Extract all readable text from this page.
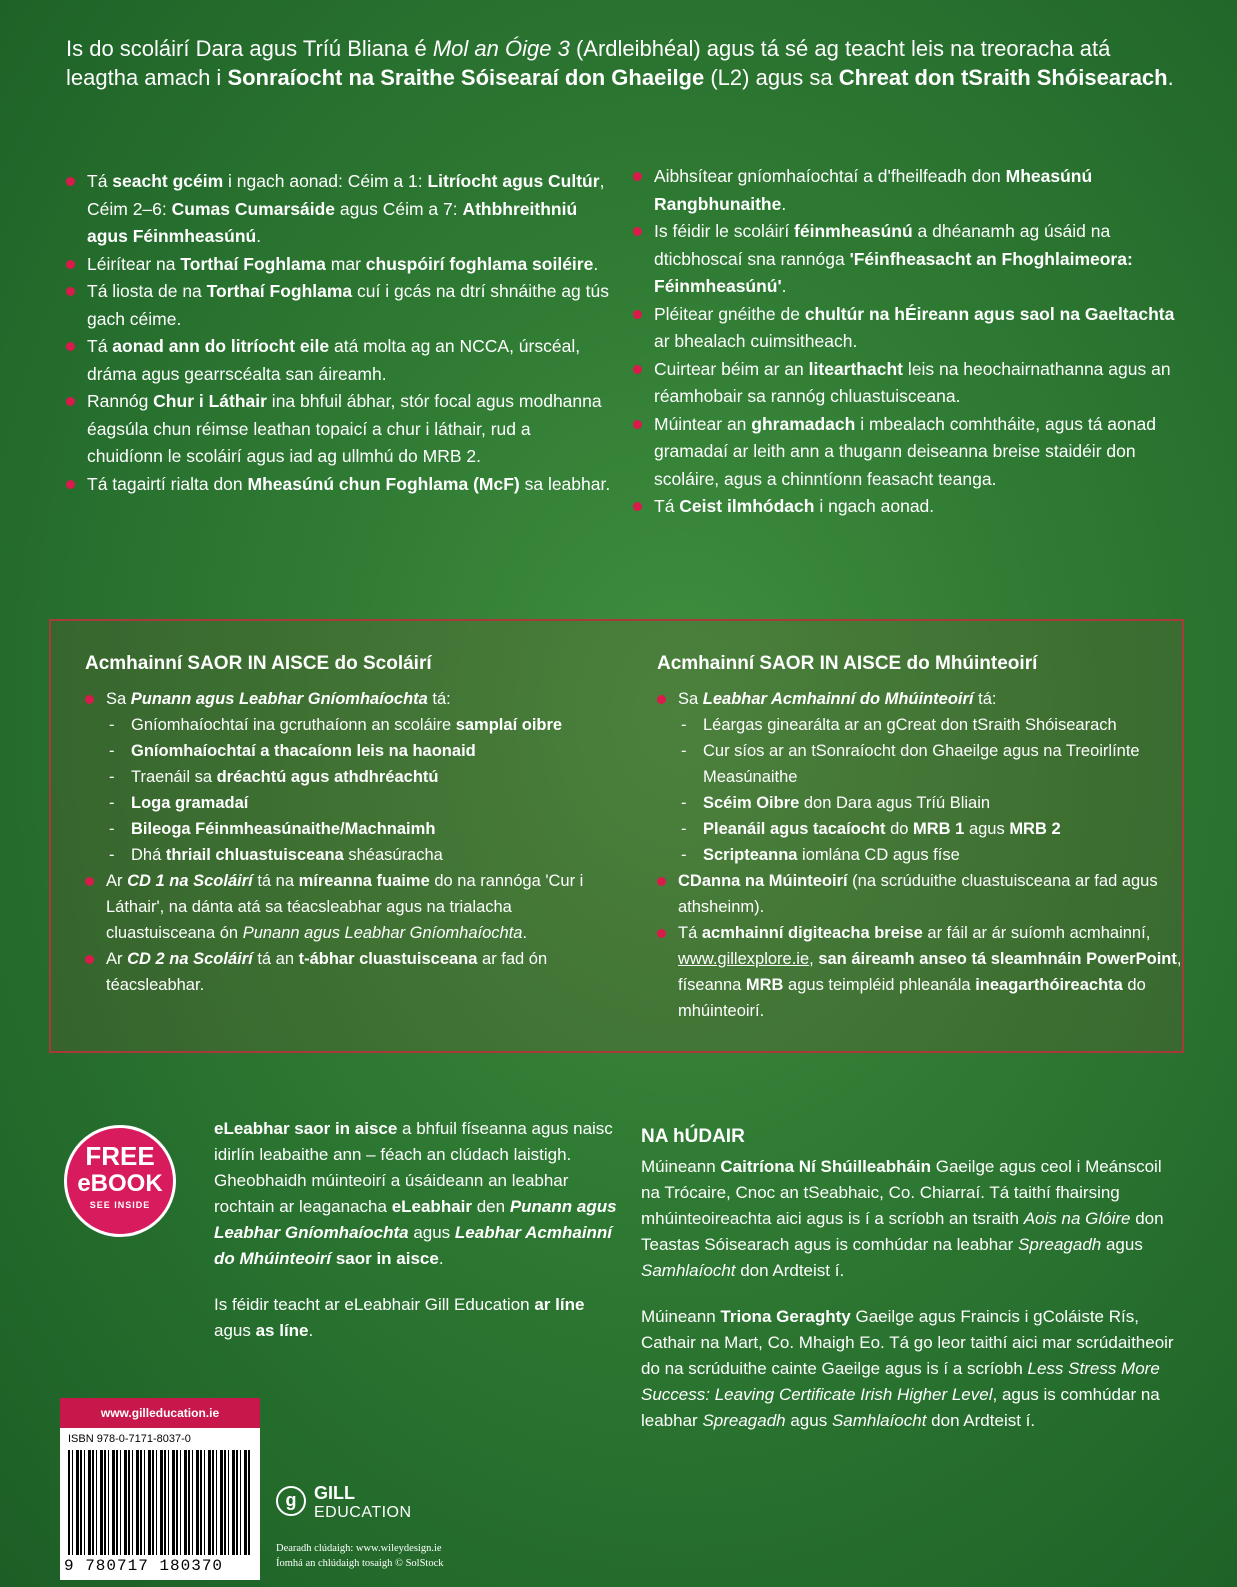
Is do scoláirí Dara agus Tríú Bliana é Mol an Óige 3 (Ardleibhéal) agus tá sé ag teacht leis na treoracha atá leagtha amach i Sonraíocht na Sraithe Sóisearaí don Ghaeilge (L2) agus sa Chreat don tSraith Shóisearach.

Tá seacht gcéim i ngach aonad: Céim a 1: Litríocht agus Cultúr, Céim 2–6: Cumas Cumarsáide agus Céim a 7: Athbhreithniú agus Féinmheasúnú.
Léirítear na Torthaí Foghlama mar chuspóirí foghlama soiléire.
Tá liosta de na Torthaí Foghlama cuí i gcás na dtrí shnáithe ag tús gach céime.
Tá aonad ann do litríocht eile atá molta ag an NCCA, úrscéal, dráma agus gearrscéalta san áireamh.
Rannóg Chur i Láthair ina bhfuil ábhar, stór focal agus modhanna éagsúla chun réimse leathan topaicí a chur i láthair, rud a chuidíonn le scoláirí agus iad ag ullmhú do MRB 2.
Tá tagairtí rialta don Mheasúnú chun Foghlama (McF) sa leabhar.
Aibhsítear gníomhaíochtaí a d'fheilfeadh don Mheasúnú Rangbhunaithe.
Is féidir le scoláirí féinmheasúnú a dhéanamh ag úsáid na dticbhoscaí sna rannóga 'Féinfheasacht an Fhoghlaimeora: Féinmheasúnú'.
Pléitear gnéithe de chultúr na hÉireann agus saol na Gaeltachta ar bhealach cuimsitheach.
Cuirtear béim ar an litearthacht leis na heochairnathanna agus an réamhobair sa rannóg chluastuisceana.
Múintear an ghramadach i mbealach comhtháite, agus tá aonad gramadaí ar leith ann a thugann deiseanna breise staidéir don scoláire, agus a chinntíonn feasacht teanga.
Tá Ceist ilmhódach i ngach aonad.
Acmhainní SAOR IN AISCE do Scoláirí
Sa Punann agus Leabhar Gníomhaíochta tá:
- Gníomhaíochtaí ina gcruthaíonn an scoláire samplaí oibre
- Gníomhaíochtaí a thacaíonn leis na haonaid
- Traenáil sa dréachtú agus athdhréachtú
- Loga gramadaí
- Bileoga Féinmheasúnaithe/Machnaimh
- Dhá thriail chluastuisceana shéasúracha
Ar CD 1 na Scoláirí tá na míreanna fuaime do na rannóga 'Cur i Láthair', na dánta atá sa téacsleabhar agus na trialacha cluastuisceana ón Punann agus Leabhar Gníomhaíochta.
Ar CD 2 na Scoláirí tá an t-ábhar cluastuisceana ar fad ón téacsleabhar.
Acmhainní SAOR IN AISCE do Mhúinteoirí
Sa Leabhar Acmhainní do Mhúinteoirí tá:
- Léargas ginearálta ar an gCreat don tSraith Shóisearach
- Cur síos ar an tSonraíocht don Ghaeilge agus na Treoirlínte Measúnaithe
- Scéim Oibre don Dara agus Tríú Bliain
- Pleanáil agus tacaíocht do MRB 1 agus MRB 2
- Scripteanna iomlána CD agus físe
CDanna na Múinteoirí (na scrúduithe cluastuisceana ar fad agus athsheinm).
Tá acmhainní digiteacha breise ar fáil ar ár suíomh acmhainní, www.gillexplore.ie, san áireamh anseo tá sleamhnáin PowerPoint, físeanna MRB agus teimpléid phleanála ineagarthóireachta do mhúinteoirí.
FREE
eBOOK
SEE INSIDE

eLeabhar saor in aisce a bhfuil físeanna agus naisc idirlín leabaithe ann – féach an clúdach laistigh. Gheobhaidh múinteoirí a úsáideann an leabhar rochtain ar leaganacha eLeabhair den Punann agus Leabhar Gníomhaíochta agus Leabhar Acmhainní do Mhúinteoirí saor in aisce.

Is féidir teacht ar eLeabhair Gill Education ar líne agus as líne.

NA hÚDAIR

Múineann Caitríona Ní Shúilleabháin Gaeilge agus ceol i Meánscoil na Trócaire, Cnoc an tSeabhaic, Co. Chiarraí. Tá taithí fhairsing mhúinteoireachta aici agus is í a scríobh an tsraith Aois na Glóire don Teastas Sóisearach agus is comhúdar na leabhar Spreagadh agus Samhlaíocht don Ardteist í.

Múineann Triona Geraghty Gaeilge agus Fraincis i gColáiste Rís, Cathair na Mart, Co. Mhaigh Eo. Tá go leor taithí aici mar scrúdaitheoir do na scrúduithe cainte Gaeilge agus is í a scríobh Less Stress More Success: Leaving Certificate Irish Higher Level, agus is comhúdar na leabhar Spreagadh agus Samhlaíocht don Ardteist í.

www.gilleducation.ie
ISBN 978-0-7171-8037-0
9 780717 180370
g GILL
EDUCATION
Dearadh clúdaigh: www.wileydesign.ie
Íomhá an chlúdaigh tosaigh © SolStock
